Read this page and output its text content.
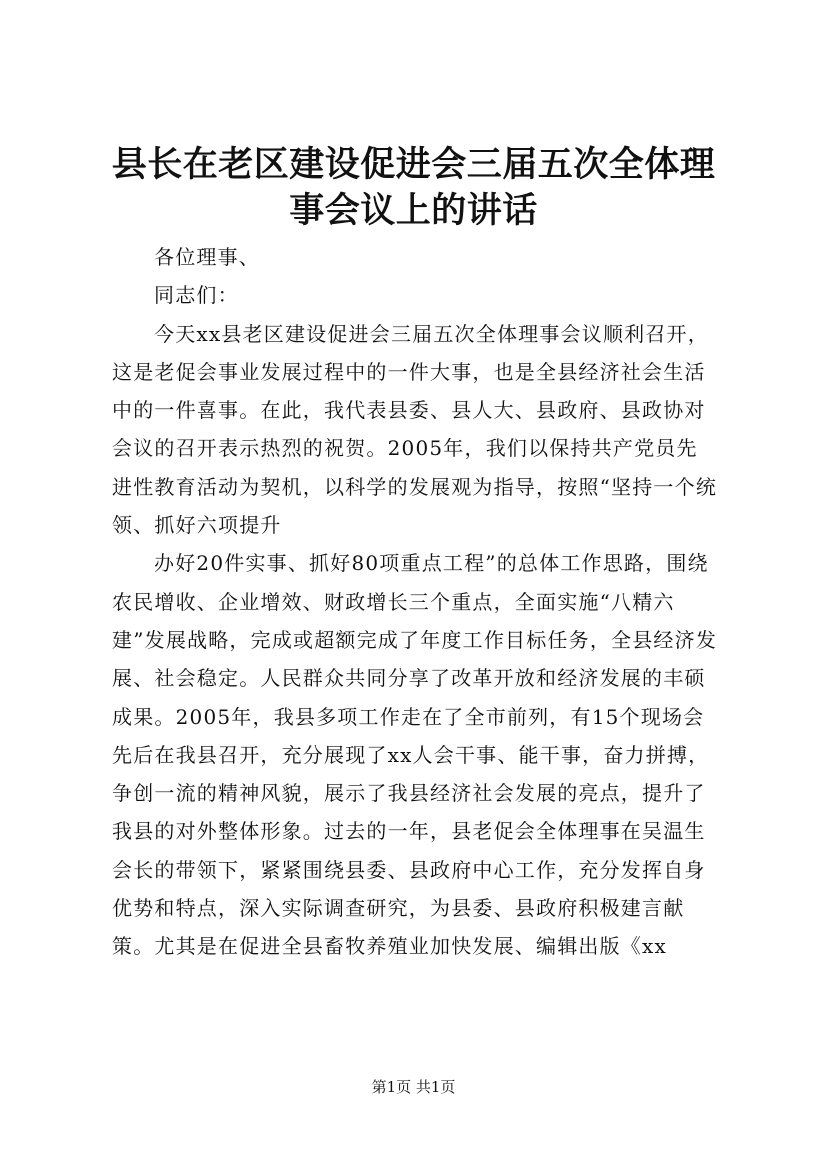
县长在老区建设促进会三届五次全体理事会议上的讲话

各位理事、

同志们：

今天xx县老区建设促进会三届五次全体理事会议顺利召开，这是老促会事业发展过程中的一件大事，也是全县经济社会生活中的一件喜事。在此，我代表县委、县人大、县政府、县政协对会议的召开表示热烈的祝贺。2005年，我们以保持共产党员先进性教育活动为契机，以科学的发展观为指导，按照“坚持一个统领、抓好六项提升

办好20件实事、抓好80项重点工程”的总体工作思路，围绕农民增收、企业增效、财政增长三个重点，全面实施“八精六建”发展战略，完成或超额完成了年度工作目标任务，全县经济发展、社会稳定。人民群众共同分享了改革开放和经济发展的丰硕成果。2005年，我县多项工作走在了全市前列，有15个现场会先后在我县召开，充分展现了xx人会干事、能干事，奋力拼搏，争创一流的精神风貌，展示了我县经济社会发展的亮点，提升了我县的对外整体形象。过去的一年，县老促会全体理事在吴温生会长的带领下，紧紧围绕县委、县政府中心工作，充分发挥自身优势和特点，深入实际调查研究，为县委、县政府积极建言献策。尤其是在促进全县畜牧养殖业加快发展、编辑出版《xx

第1页 共1页
